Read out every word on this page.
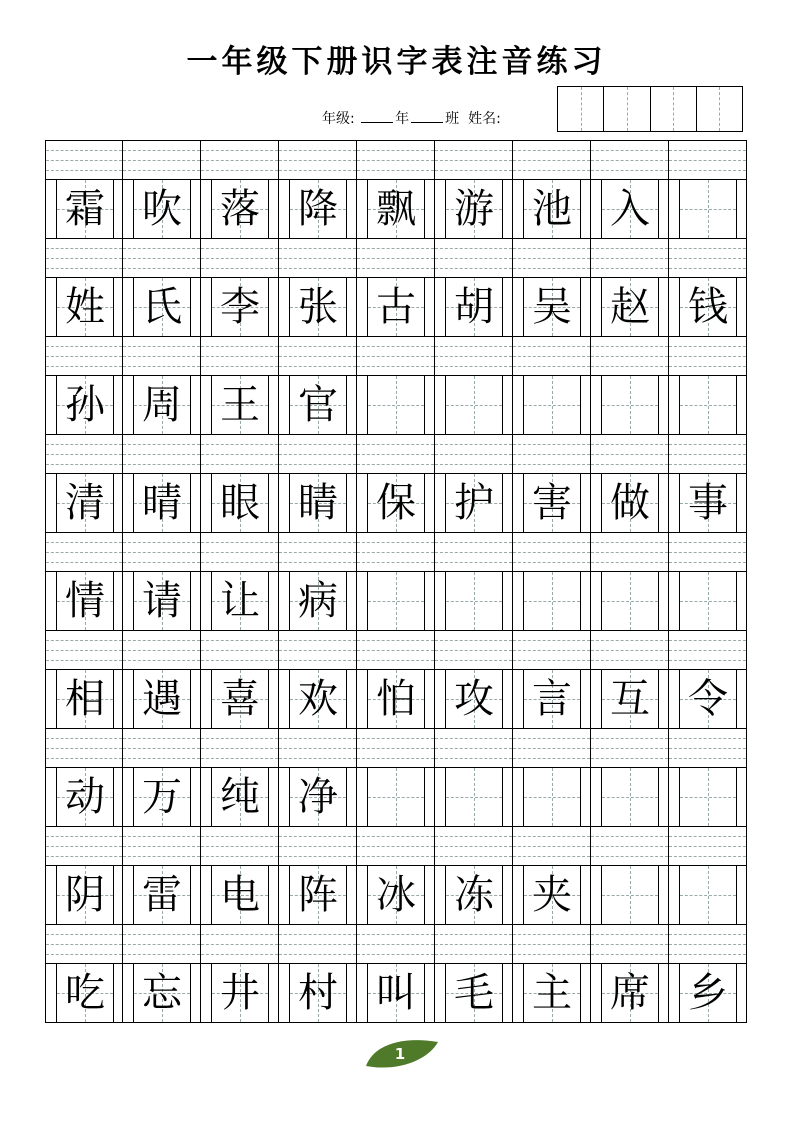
一年级下册识字表注音练习
年级:	年	班 姓名:
霜 吹 落 降 飘 游 池 入
姓 氏 李 张 古 胡 吴 赵 钱
孙 周 王 官
清 晴 眼 睛 保 护 害 做 事
情 请 让 病
相 遇 喜 欢 怕 攻 言 互 令
动 万 纯 净
阴 雷 电 阵 冰 冻 夹
吃 忘 井 村 叫 毛 主 席 乡
1
